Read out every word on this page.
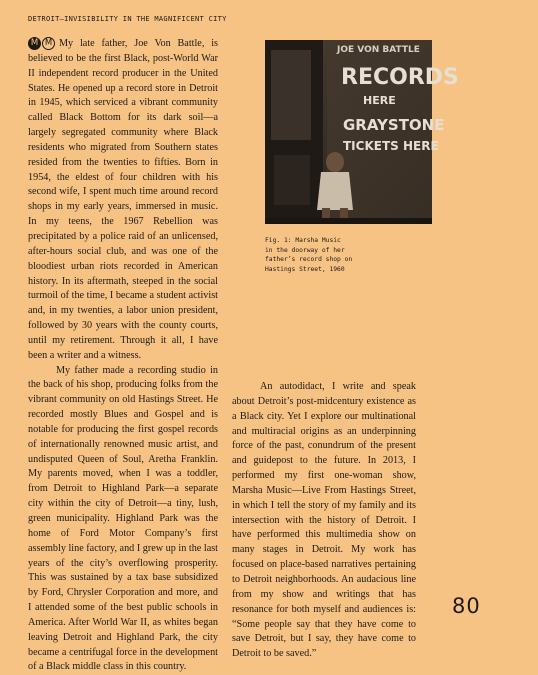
DETROIT—INVISIBILITY IN THE MAGNIFICENT CITY

M M My late father, Joe Von Battle, is believed to be the first Black, post-World War II independent record producer in the United States. He opened up a record store in Detroit in 1945, which serviced a vibrant community called Black Bottom for its dark soil—a largely segregated community where Black residents who migrated from Southern states resided from the twenties to fifties. Born in 1954, the eldest of four children with his second wife, I spent much time around record shops in my early years, immersed in music. In my teens, the 1967 Rebellion was precipitated by a police raid of an unlicensed, after-hours social club, and was one of the bloodiest urban riots recorded in American history. In its aftermath, steeped in the social turmoil of the time, I became a student activist and, in my twenties, a labor union president, followed by 30 years with the county courts, until my retirement. Through it all, I have been a writer and a witness.

My father made a recording studio in the back of his shop, producing folks from the vibrant community on old Hastings Street. He recorded mostly Blues and Gospel and is notable for producing the first gospel records of internationally renowned music artist, and undisputed Queen of Soul, Aretha Franklin. My parents moved, when I was a toddler, from Detroit to Highland Park—a separate city within the city of Detroit—a tiny, lush, green municipality. Highland Park was the home of Ford Motor Company’s first assembly line factory, and I grew up in the last years of the city’s overflowing prosperity. This was sustained by a tax base subsidized by Ford, Chrysler Corporation and more, and I attended some of the best public schools in America. After World War II, as whites began leaving Detroit and Highland Park, the city became a centrifugal force in the development of a Black middle class in this country.

JOE VON BATTLE
RECORDS
HERE
GRAYSTONE
TICKETS HERE
Fig. 1: Marsha Music
in the doorway of her
father’s record shop on
Hastings Street, 1960

An autodidact, I write and speak about Detroit’s post-midcentury existence as a Black city. Yet I explore our multinational and multiracial origins as an underpinning force of the past, conundrum of the present and guidepost to the future. In 2013, I performed my first one-woman show, Marsha Music—Live From Hastings Street, in which I tell the story of my family and its intersection with the history of Detroit. I have performed this multimedia show on many stages in Detroit. My work has focused on place-based narratives pertaining to Detroit neighborhoods. An audacious line from my show and writings that has resonance for both myself and audiences is: “Some people say that they have come to save Detroit, but I say, they have come to Detroit to be saved.”

80
